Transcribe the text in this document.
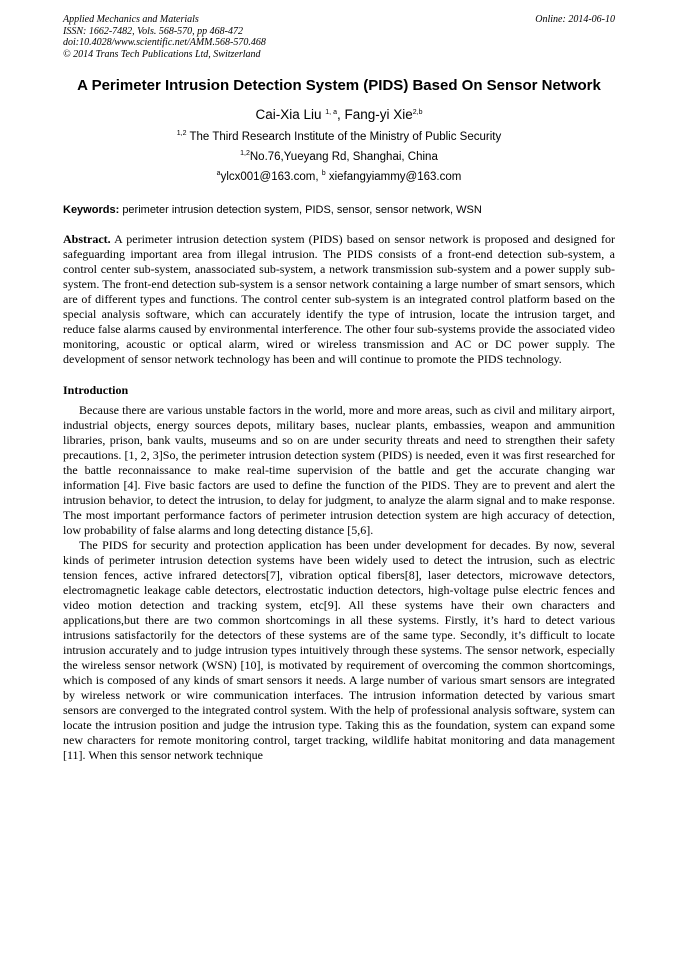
Applied Mechanics and Materials
ISSN: 1662-7482, Vols. 568-570, pp 468-472
doi:10.4028/www.scientific.net/AMM.568-570.468
© 2014 Trans Tech Publications Ltd, Switzerland
Online: 2014-06-10
A Perimeter Intrusion Detection System (PIDS) Based On Sensor Network
Cai-Xia Liu $^{1, a}$, Fang-yi Xie$^{2,b}$
$^{1,2}$ The Third Research Institute of the Ministry of Public Security
$^{1,2}$No.76,Yueyang Rd, Shanghai, China
$^a$ylcx001@163.com, $^b$ xiefangyiammy@163.com
Keywords: perimeter intrusion detection system, PIDS, sensor, sensor network, WSN
Abstract. A perimeter intrusion detection system (PIDS) based on sensor network is proposed and designed for safeguarding important area from illegal intrusion. The PIDS consists of a front-end detection sub-system, a control center sub-system, anassociated sub-system, a network transmission sub-system and a power supply sub-system. The front-end detection sub-system is a sensor network containing a large number of smart sensors, which are of different types and functions. The control center sub-system is an integrated control platform based on the special analysis software, which can accurately identify the type of intrusion, locate the intrusion target, and reduce false alarms caused by environmental interference. The other four sub-systems provide the associated video monitoring, acoustic or optical alarm, wired or wireless transmission and AC or DC power supply. The development of sensor network technology has been and will continue to promote the PIDS technology.
Introduction

Because there are various unstable factors in the world, more and more areas, such as civil and military airport, industrial objects, energy sources depots, military bases, nuclear plants, embassies, weapon and ammunition libraries, prison, bank vaults, museums and so on are under security threats and need to strengthen their safety precautions. [1, 2, 3]So, the perimeter intrusion detection system (PIDS) is needed, even it was first researched for the battle reconnaissance to make real-time supervision of the battle and get the accurate changing war information [4]. Five basic factors are used to define the function of the PIDS. They are to prevent and alert the intrusion behavior, to detect the intrusion, to delay for judgment, to analyze the alarm signal and to make response. The most important performance factors of perimeter intrusion detection system are high accuracy of detection, low probability of false alarms and long detecting distance [5,6].

The PIDS for security and protection application has been under development for decades. By now, several kinds of perimeter intrusion detection systems have been widely used to detect the intrusion, such as electric tension fences, active infrared detectors[7], vibration optical fibers[8], laser detectors, microwave detectors, electromagnetic leakage cable detectors, electrostatic induction detectors, high-voltage pulse electric fences and video motion detection and tracking system, etc[9]. All these systems have their own characters and applications,but there are two common shortcomings in all these systems. Firstly, it’s hard to detect various intrusions satisfactorily for the detectors of these systems are of the same type. Secondly, it’s difficult to locate intrusion accurately and to judge intrusion types intuitively through these systems. The sensor network, especially the wireless sensor network (WSN) [10], is motivated by requirement of overcoming the common shortcomings, which is composed of any kinds of smart sensors it needs. A large number of various smart sensors are integrated by wireless network or wire communication interfaces. The intrusion information detected by various smart sensors are converged to the integrated control system. With the help of professional analysis software, system can locate the intrusion position and judge the intrusion type. Taking this as the foundation, system can expand some new characters for remote monitoring control, target tracking, wildlife habitat monitoring and data management [11]. When this sensor network technique
